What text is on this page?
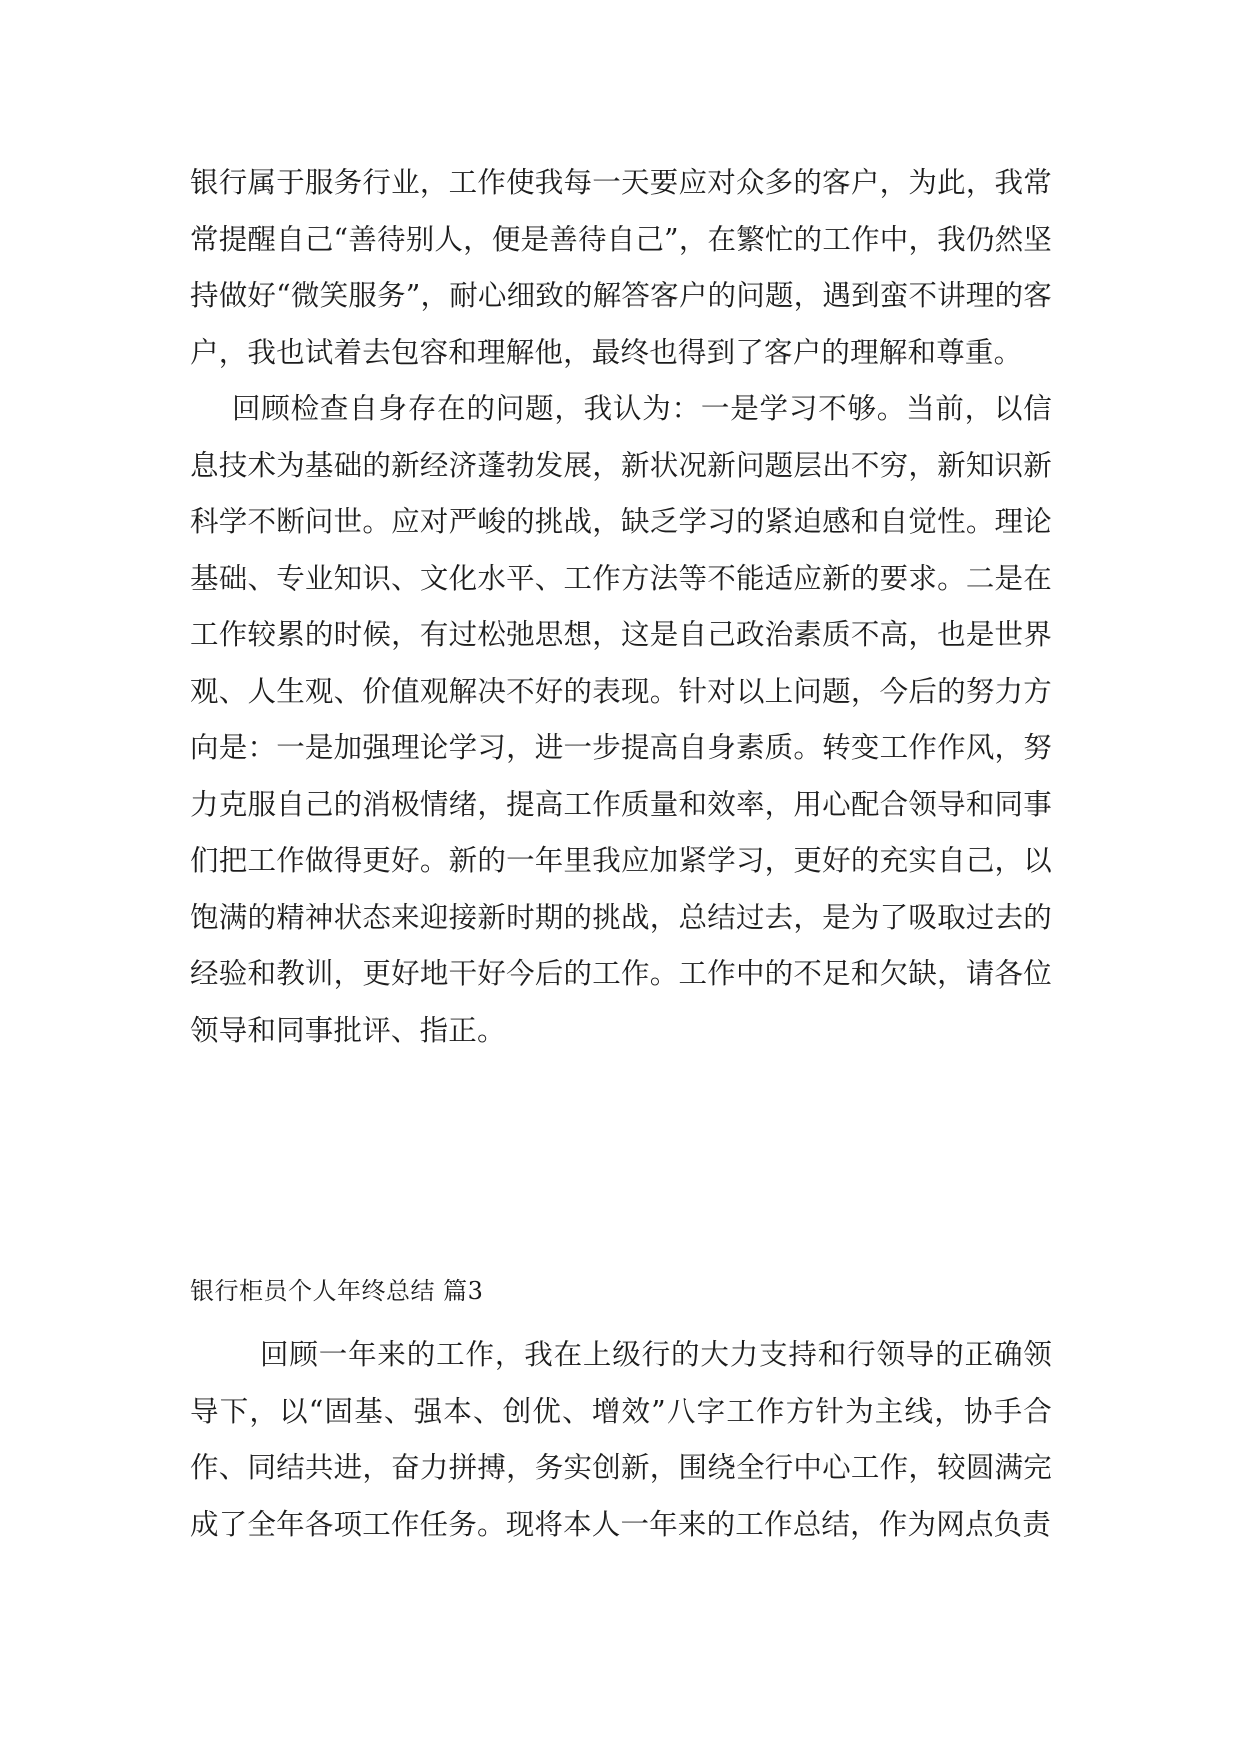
银行属于服务行业，工作使我每一天要应对众多的客户，为此，我常常提醒自己“善待别人，便是善待自己”，在繁忙的工作中，我仍然坚持做好“微笑服务”，耐心细致的解答客户的问题，遇到蛮不讲理的客户，我也试着去包容和理解他，最终也得到了客户的理解和尊重。

回顾检查自身存在的问题，我认为：一是学习不够。当前，以信息技术为基础的新经济蓬勃发展，新状况新问题层出不穷，新知识新科学不断问世。应对严峻的挑战，缺乏学习的紧迫感和自觉性。理论基础、专业知识、文化水平、工作方法等不能适应新的要求。二是在工作较累的时候，有过松弛思想，这是自己政治素质不高，也是世界观、人生观、价值观解决不好的表现。针对以上问题，今后的努力方向是：一是加强理论学习，进一步提高自身素质。转变工作作风，努力克服自己的消极情绪，提高工作质量和效率，用心配合领导和同事们把工作做得更好。新的一年里我应加紧学习，更好的充实自己，以饱满的精神状态来迎接新时期的挑战，总结过去，是为了吸取过去的经验和教训，更好地干好今后的工作。工作中的不足和欠缺，请各位领导和同事批评、指正。

银行柜员个人年终总结 篇3

回顾一年来的工作，我在上级行的大力支持和行领导的正确领导下，以“固基、强本、创优、增效”八字工作方针为主线，协手合作、同结共进，奋力拼搏，务实创新，围绕全行中心工作，较圆满完成了全年各项工作任务。现将本人一年来的工作总结，作为网点负责
